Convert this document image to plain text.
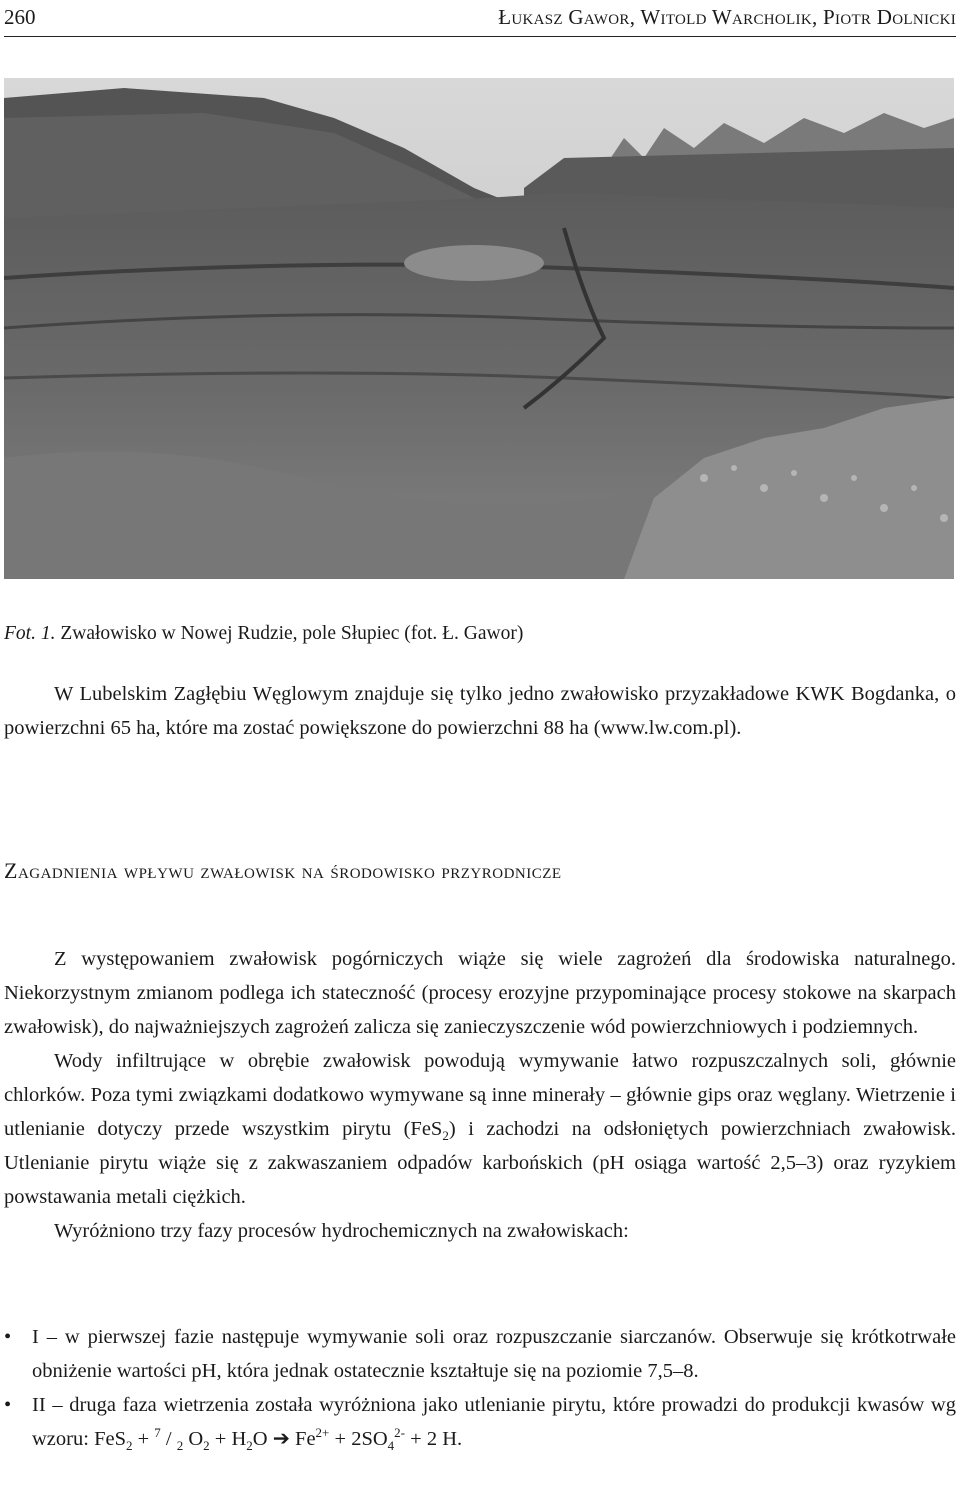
260	Łukasz Gawor, Witold Warcholik, Piotr Dolnicki
Fot. 1. Zwałowisko w Nowej Rudzie, pole Słupiec (fot. Ł. Gawor)
W Lubelskim Zagłębiu Węglowym znajduje się tylko jedno zwałowisko przyzakładowe KWK Bogdanka, o powierzchni 65 ha, które ma zostać powiększone do powierzchni 88 ha (www.lw.com.pl).
Zagadnienia wpływu zwałowisk na środowisko przyrodnicze

Z występowaniem zwałowisk pogórniczych wiąże się wiele zagrożeń dla środowiska naturalnego. Niekorzystnym zmianom podlega ich stateczność (procesy erozyjne przypominające procesy stokowe na skarpach zwałowisk), do najważniejszych zagrożeń zalicza się zanieczyszczenie wód powierzchniowych i podziemnych.

Wody infiltrujące w obrębie zwałowisk powodują wymywanie łatwo rozpuszczalnych soli, głównie chlorków. Poza tymi związkami dodatkowo wymywane są inne minerały – głównie gips oraz węglany. Wietrzenie i utlenianie dotyczy przede wszystkim pirytu (FeS$_2$) i zachodzi na odsłoniętych powierzchniach zwałowisk. Utlenianie pirytu wiąże się z zakwaszaniem odpadów karbońskich (pH osiąga wartość 2,5–3) oraz ryzykiem powstawania metali ciężkich.

Wyróżniono trzy fazy procesów hydrochemicznych na zwałowiskach:

• I – w pierwszej fazie następuje wymywanie soli oraz rozpuszczanie siarczanów. Obserwuje się krótkotrwałe obniżenie wartości pH, która jednak ostatecznie kształtuje się na poziomie 7,5–8.
• II – druga faza wietrzenia została wyróżniona jako utlenianie pirytu, które prowadzi do produkcji kwasów wg wzoru: FeS$_2$ + $^7$ / $_2$ $O_2 + H_2O$ ➔ $Fe^{2+} + 2SO_4^{2-} + 2$ H.
